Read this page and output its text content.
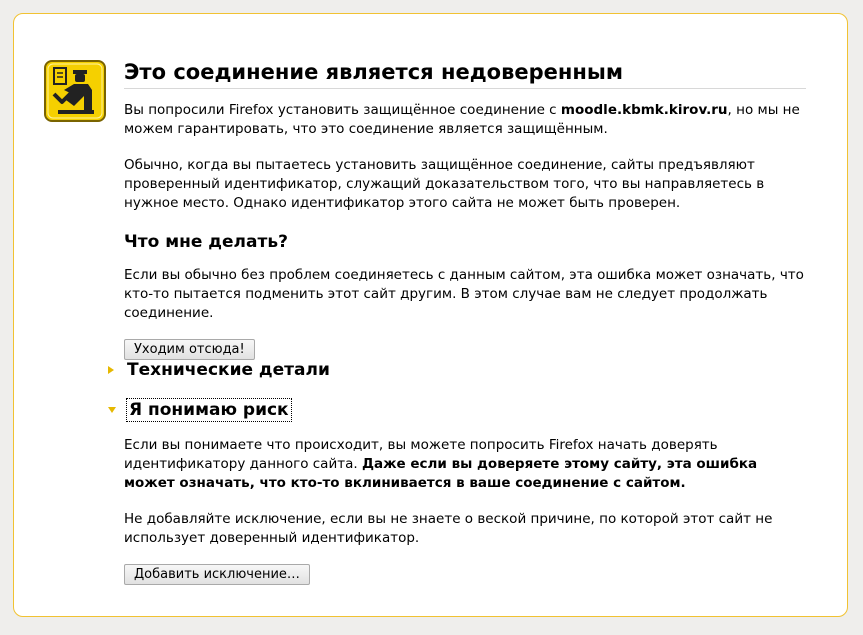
Это соединение является недоверенным

Вы попросили Firefox установить защищённое соединение с moodle.kbmk.kirov.ru, но мы не можем гарантировать, что это соединение является защищённым.

Обычно, когда вы пытаетесь установить защищённое соединение, сайты предъявляют проверенный идентификатор, служащий доказательством того, что вы направляетесь в нужное место. Однако идентификатор этого сайта не может быть проверен.

Что мне делать?

Если вы обычно без проблем соединяетесь с данным сайтом, эта ошибка может означать, что кто-то пытается подменить этот сайт другим. В этом случае вам не следует продолжать соединение.

Уходим отсюда!
Технические детали
Я понимаю риск

Если вы понимаете что происходит, вы можете попросить Firefox начать доверять идентификатору данного сайта. Даже если вы доверяете этому сайту, эта ошибка может означать, что кто-то вклинивается в ваше соединение с сайтом.

Не добавляйте исключение, если вы не знаете о веской причине, по которой этот сайт не использует доверенный идентификатор.

Добавить исключение…
